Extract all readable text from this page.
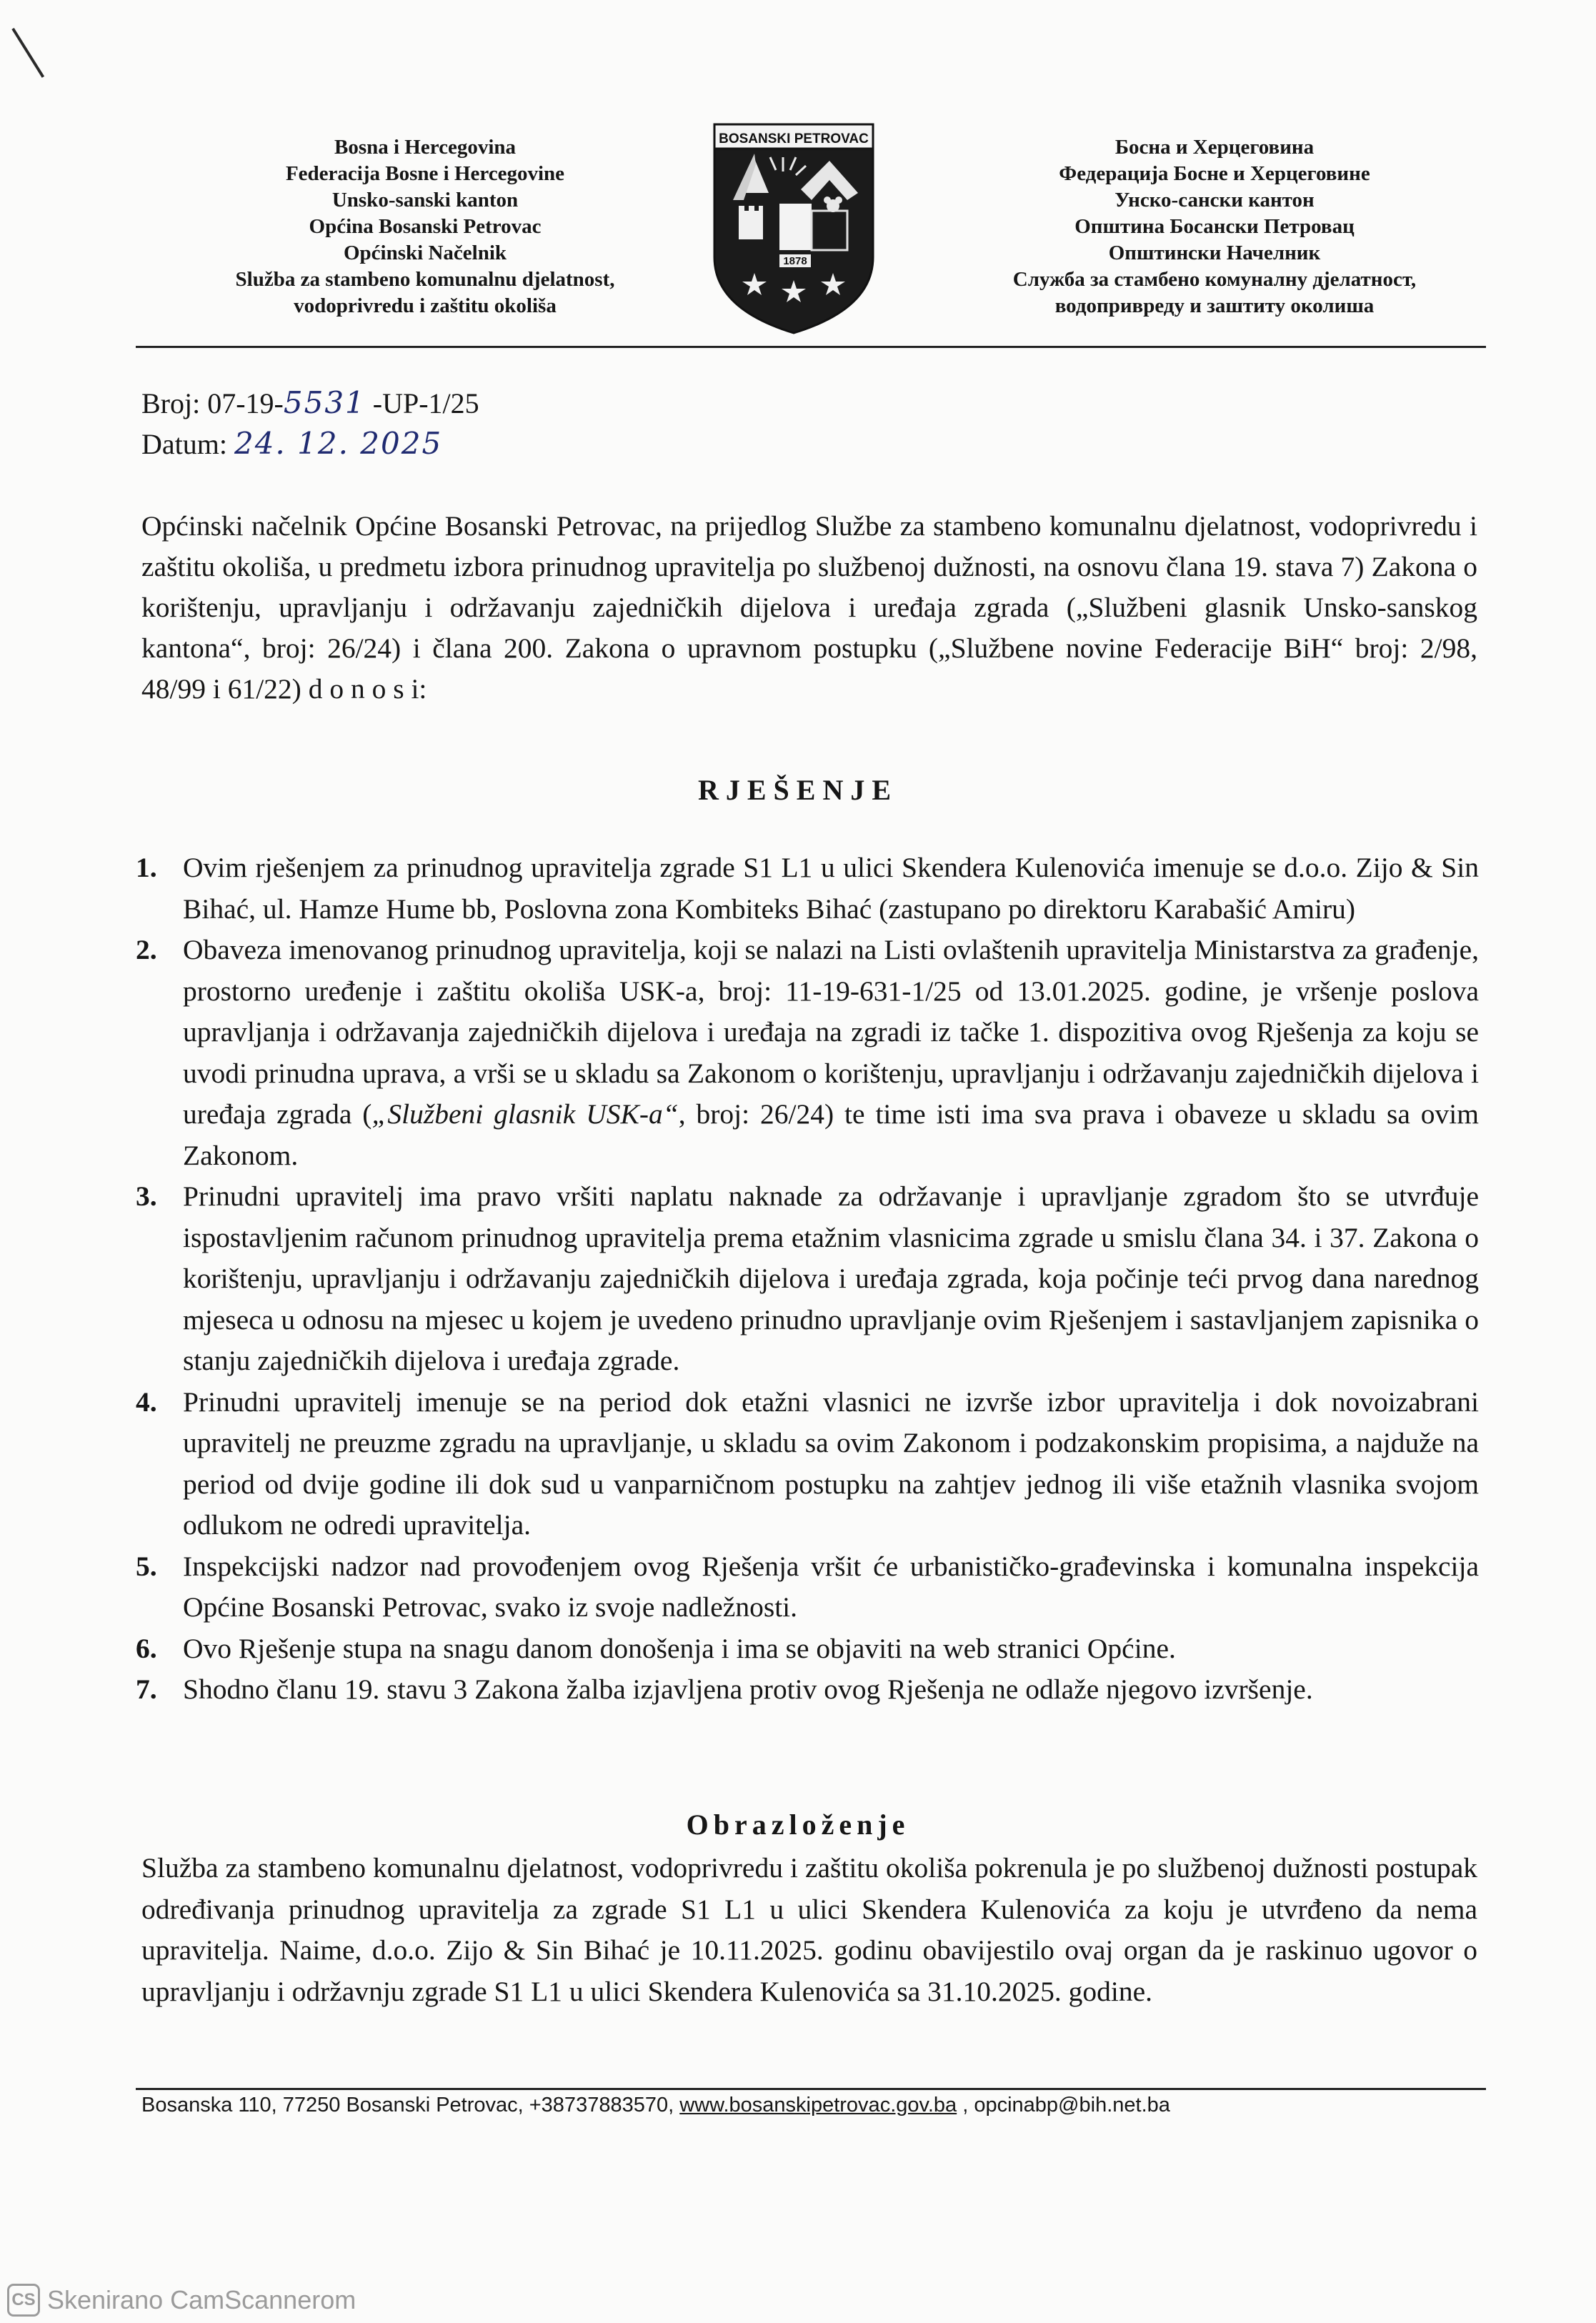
Bosna i Hercegovina
Federacija Bosne i Hercegovine
Unsko-sanski kanton
Općina Bosanski Petrovac
Općinski Načelnik
Služba za stambeno komunalnu djelatnost,
vodoprivredu i zaštitu okoliša
BOSANSKI PETROVAC
1878
Босна и Херцеговина
Федерација Босне и Херцеговине
Унско-сански кантон
Општина Босански Петровац
Општински Начелник
Служба за стамбено комуналну дјелатност,
водопривреду и заштиту околиша
Broj: 07-19-5531 -UP-1/25
Datum: 24. 12. 2025
Općinski načelnik Općine Bosanski Petrovac, na prijedlog Službe za stambeno komunalnu djelatnost, vodoprivredu i zaštitu okoliša, u predmetu izbora prinudnog upravitelja po službenoj dužnosti, na osnovu člana 19. stava 7) Zakona o korištenju, upravljanju i održavanju zajedničkih dijelova i uređaja zgrada („Službeni glasnik Unsko-sanskog kantona“, broj: 26/24) i člana 200. Zakona o upravnom postupku („Službene novine Federacije BiH“ broj: 2/98, 48/99 i 61/22) d o n o s i:
RJEŠENJE
1. Ovim rješenjem za prinudnog upravitelja zgrade S1 L1 u ulici Skendera Kulenovića imenuje se d.o.o. Zijo & Sin Bihać, ul. Hamze Hume bb, Poslovna zona Kombiteks Bihać (zastupano po direktoru Karabašić Amiru)
2. Obaveza imenovanog prinudnog upravitelja, koji se nalazi na Listi ovlaštenih upravitelja Ministarstva za građenje, prostorno uređenje i zaštitu okoliša USK-a, broj: 11-19-631-1/25 od 13.01.2025. godine, je vršenje poslova upravljanja i održavanja zajedničkih dijelova i uređaja na zgradi iz tačke 1. dispozitiva ovog Rješenja za koju se uvodi prinudna uprava, a vrši se u skladu sa Zakonom o korištenju, upravljanju i održavanju zajedničkih dijelova i uređaja zgrada („Službeni glasnik USK-a“, broj: 26/24) te time isti ima sva prava i obaveze u skladu sa ovim Zakonom.
3. Prinudni upravitelj ima pravo vršiti naplatu naknade za održavanje i upravljanje zgradom što se utvrđuje ispostavljenim računom prinudnog upravitelja prema etažnim vlasnicima zgrade u smislu člana 34. i 37. Zakona o korištenju, upravljanju i održavanju zajedničkih dijelova i uređaja zgrada, koja počinje teći prvog dana narednog mjeseca u odnosu na mjesec u kojem je uvedeno prinudno upravljanje ovim Rješenjem i sastavljanjem zapisnika o stanju zajedničkih dijelova i uređaja zgrade.
4. Prinudni upravitelj imenuje se na period dok etažni vlasnici ne izvrše izbor upravitelja i dok novoizabrani upravitelj ne preuzme zgradu na upravljanje, u skladu sa ovim Zakonom i podzakonskim propisima, a najduže na period od dvije godine ili dok sud u vanparničnom postupku na zahtjev jednog ili više etažnih vlasnika svojom odlukom ne odredi upravitelja.
5. Inspekcijski nadzor nad provođenjem ovog Rješenja vršit će urbanističko-građevinska i komunalna inspekcija Općine Bosanski Petrovac, svako iz svoje nadležnosti.
6. Ovo Rješenje stupa na snagu danom donošenja i ima se objaviti na web stranici Općine.
7. Shodno članu 19. stavu 3 Zakona žalba izjavljena protiv ovog Rješenja ne odlaže njegovo izvršenje.
Obrazloženje
Služba za stambeno komunalnu djelatnost, vodoprivredu i zaštitu okoliša pokrenula je po službenoj dužnosti postupak određivanja prinudnog upravitelja za zgrade S1 L1 u ulici Skendera Kulenovića za koju je utvrđeno da nema upravitelja. Naime, d.o.o. Zijo & Sin Bihać je 10.11.2025. godinu obavijestilo ovaj organ da je raskinuo ugovor o upravljanju i održavnju zgrade S1 L1 u ulici Skendera Kulenovića sa 31.10.2025. godine.
Bosanska 110, 77250 Bosanski Petrovac, +38737883570, www.bosanskipetrovac.gov.ba , opcinabp@bih.net.ba
CS Skenirano CamScannerom
